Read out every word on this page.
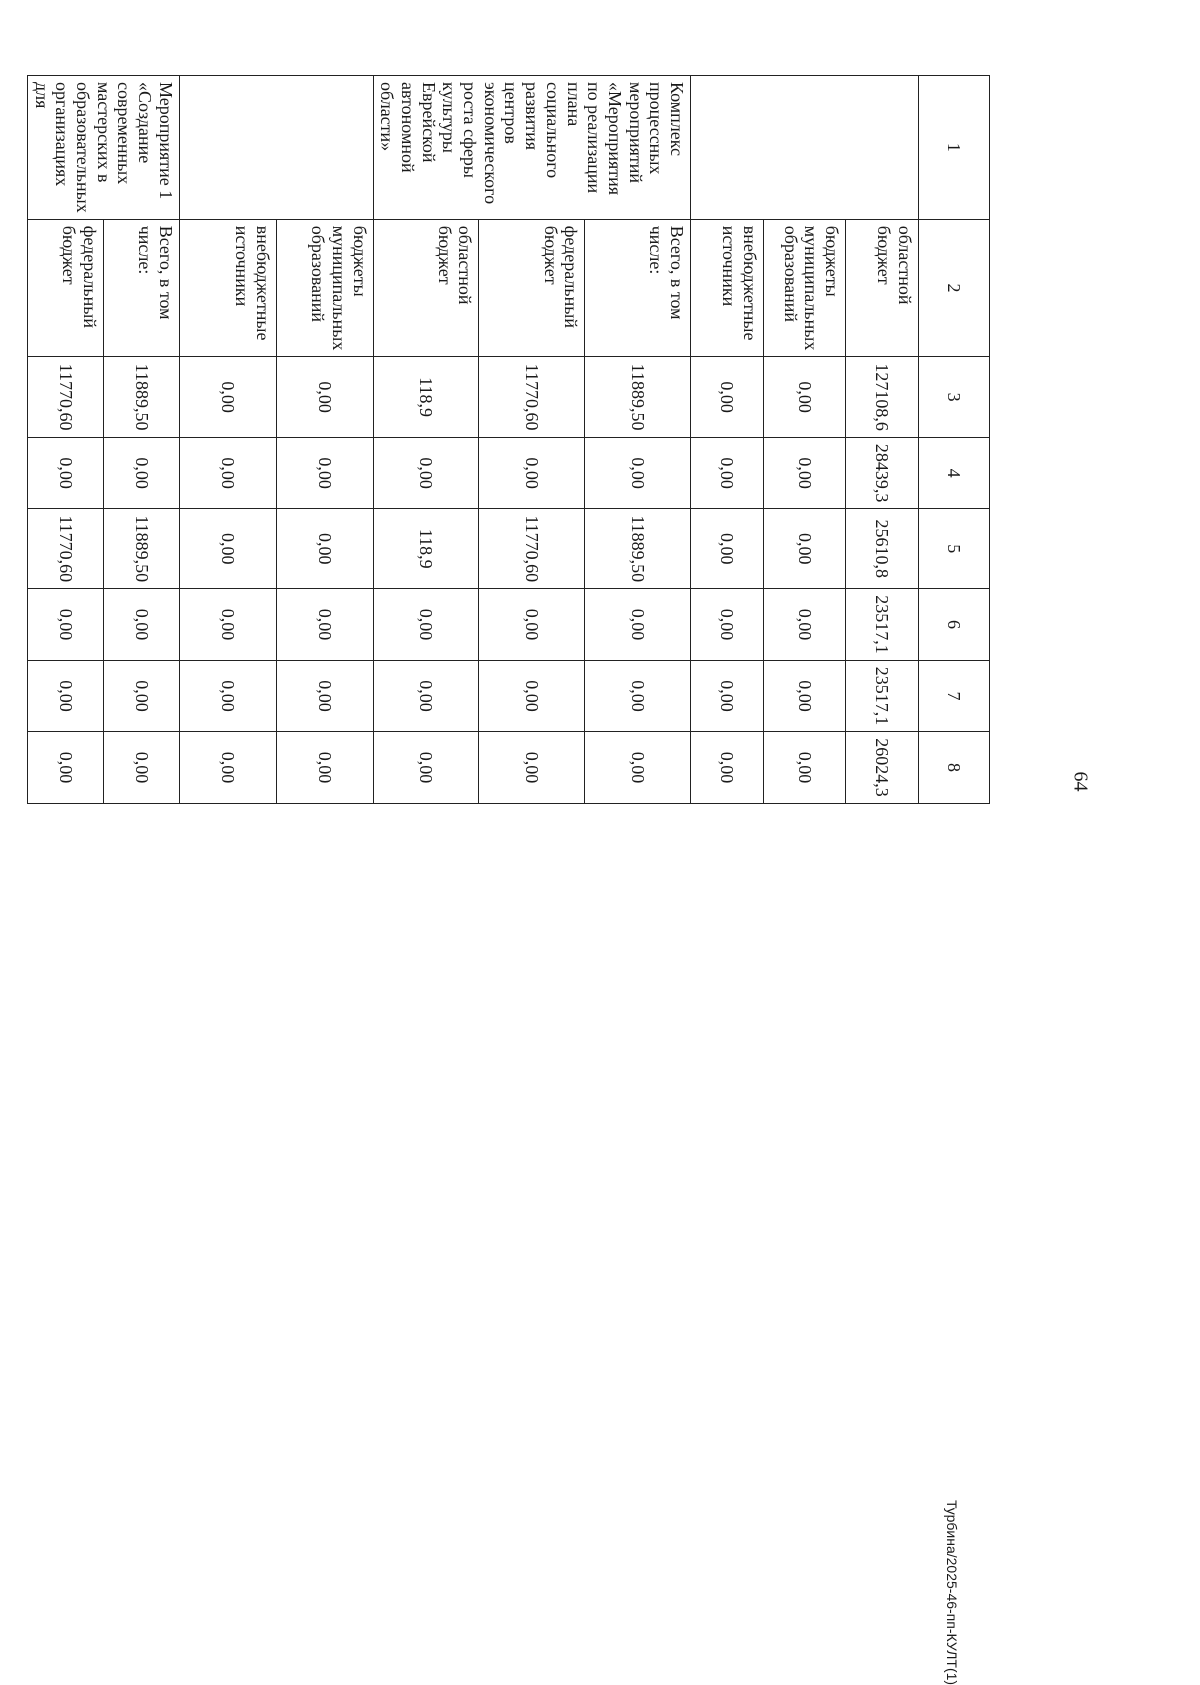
64
1	2	3	4	5	6	7	8
	областной бюджет	127108,6	28439,3	25610,8	23517,1	23517,1	26024,3
	бюджеты муниципальных образований	0,00	0,00	0,00	0,00	0,00	0,00
	внебюджетные источники	0,00	0,00	0,00	0,00	0,00	0,00
Комплекс процессных мероприятий «Мероприятия по реализации плана социального развития центров экономического роста сферы культуры Еврейской автономной области»	Всего, в том числе:	11889,50	0,00	11889,50	0,00	0,00	0,00
	федеральный бюджет	11770,60	0,00	11770,60	0,00	0,00	0,00
	областной бюджет	118,9	0,00	118,9	0,00	0,00	0,00
	бюджеты муниципальных образований	0,00	0,00	0,00	0,00	0,00	0,00
	внебюджетные источники	0,00	0,00	0,00	0,00	0,00	0,00
Мероприятие 1 «Создание современных мастерских в образовательных организациях для	Всего, в том числе:	11889,50	0,00	11889,50	0,00	0,00	0,00
	федеральный бюджет	11770,60	0,00	11770,60	0,00	0,00	0,00
Турбина/2025-46-пп-КУЛТ(1)
